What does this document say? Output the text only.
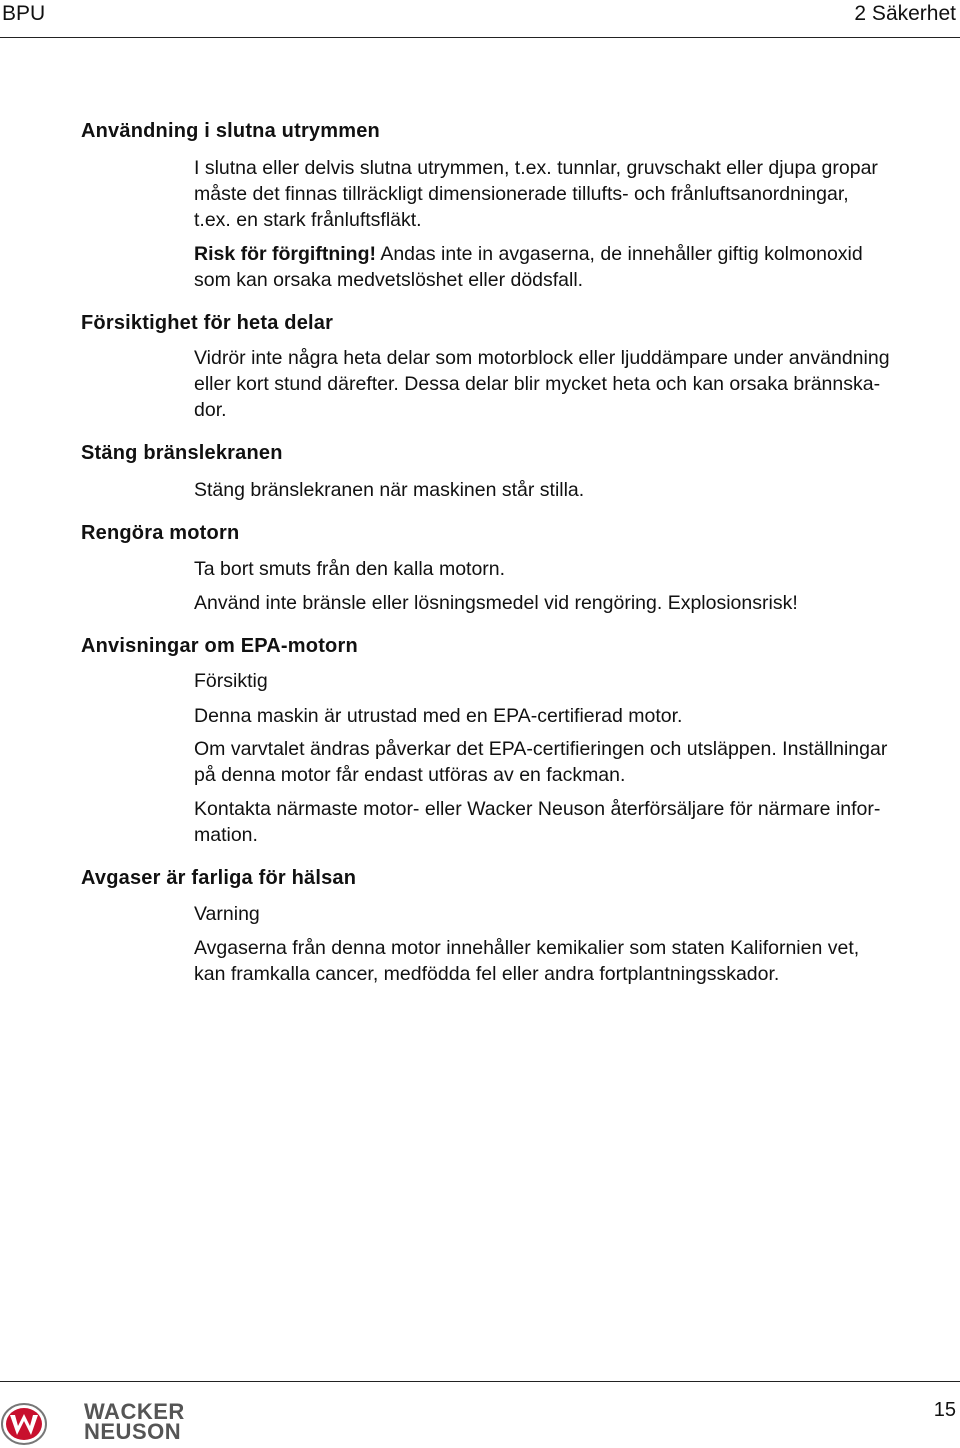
BPU	2 Säkerhet
Användning i slutna utrymmen
I slutna eller delvis slutna utrymmen, t.ex. tunnlar, gruvschakt eller djupa gropar
måste det finnas tillräckligt dimensionerade tillufts- och frånluftsanordningar,
t.ex. en stark frånluftsfläkt.
Risk för förgiftning! Andas inte in avgaserna, de innehåller giftig kolmonoxid
som kan orsaka medvetslöshet eller dödsfall.
Försiktighet för heta delar
Vidrör inte några heta delar som motorblock eller ljuddämpare under användning
eller kort stund därefter. Dessa delar blir mycket heta och kan orsaka brännska-
dor.
Stäng bränslekranen
Stäng bränslekranen när maskinen står stilla.
Rengöra motorn
Ta bort smuts från den kalla motorn.
Använd inte bränsle eller lösningsmedel vid rengöring. Explosionsrisk!
Anvisningar om EPA-motorn
Försiktig
Denna maskin är utrustad med en EPA-certifierad motor.
Om varvtalet ändras påverkar det EPA-certifieringen och utsläppen. Inställningar
på denna motor får endast utföras av en fackman.
Kontakta närmaste motor- eller Wacker Neuson återförsäljare för närmare infor-
mation.
Avgaser är farliga för hälsan
Varning
Avgaserna från denna motor innehåller kemikalier som staten Kalifornien vet,
kan framkalla cancer, medfödda fel eller andra fortplantningsskador.
WACKER
NEUSON
15
